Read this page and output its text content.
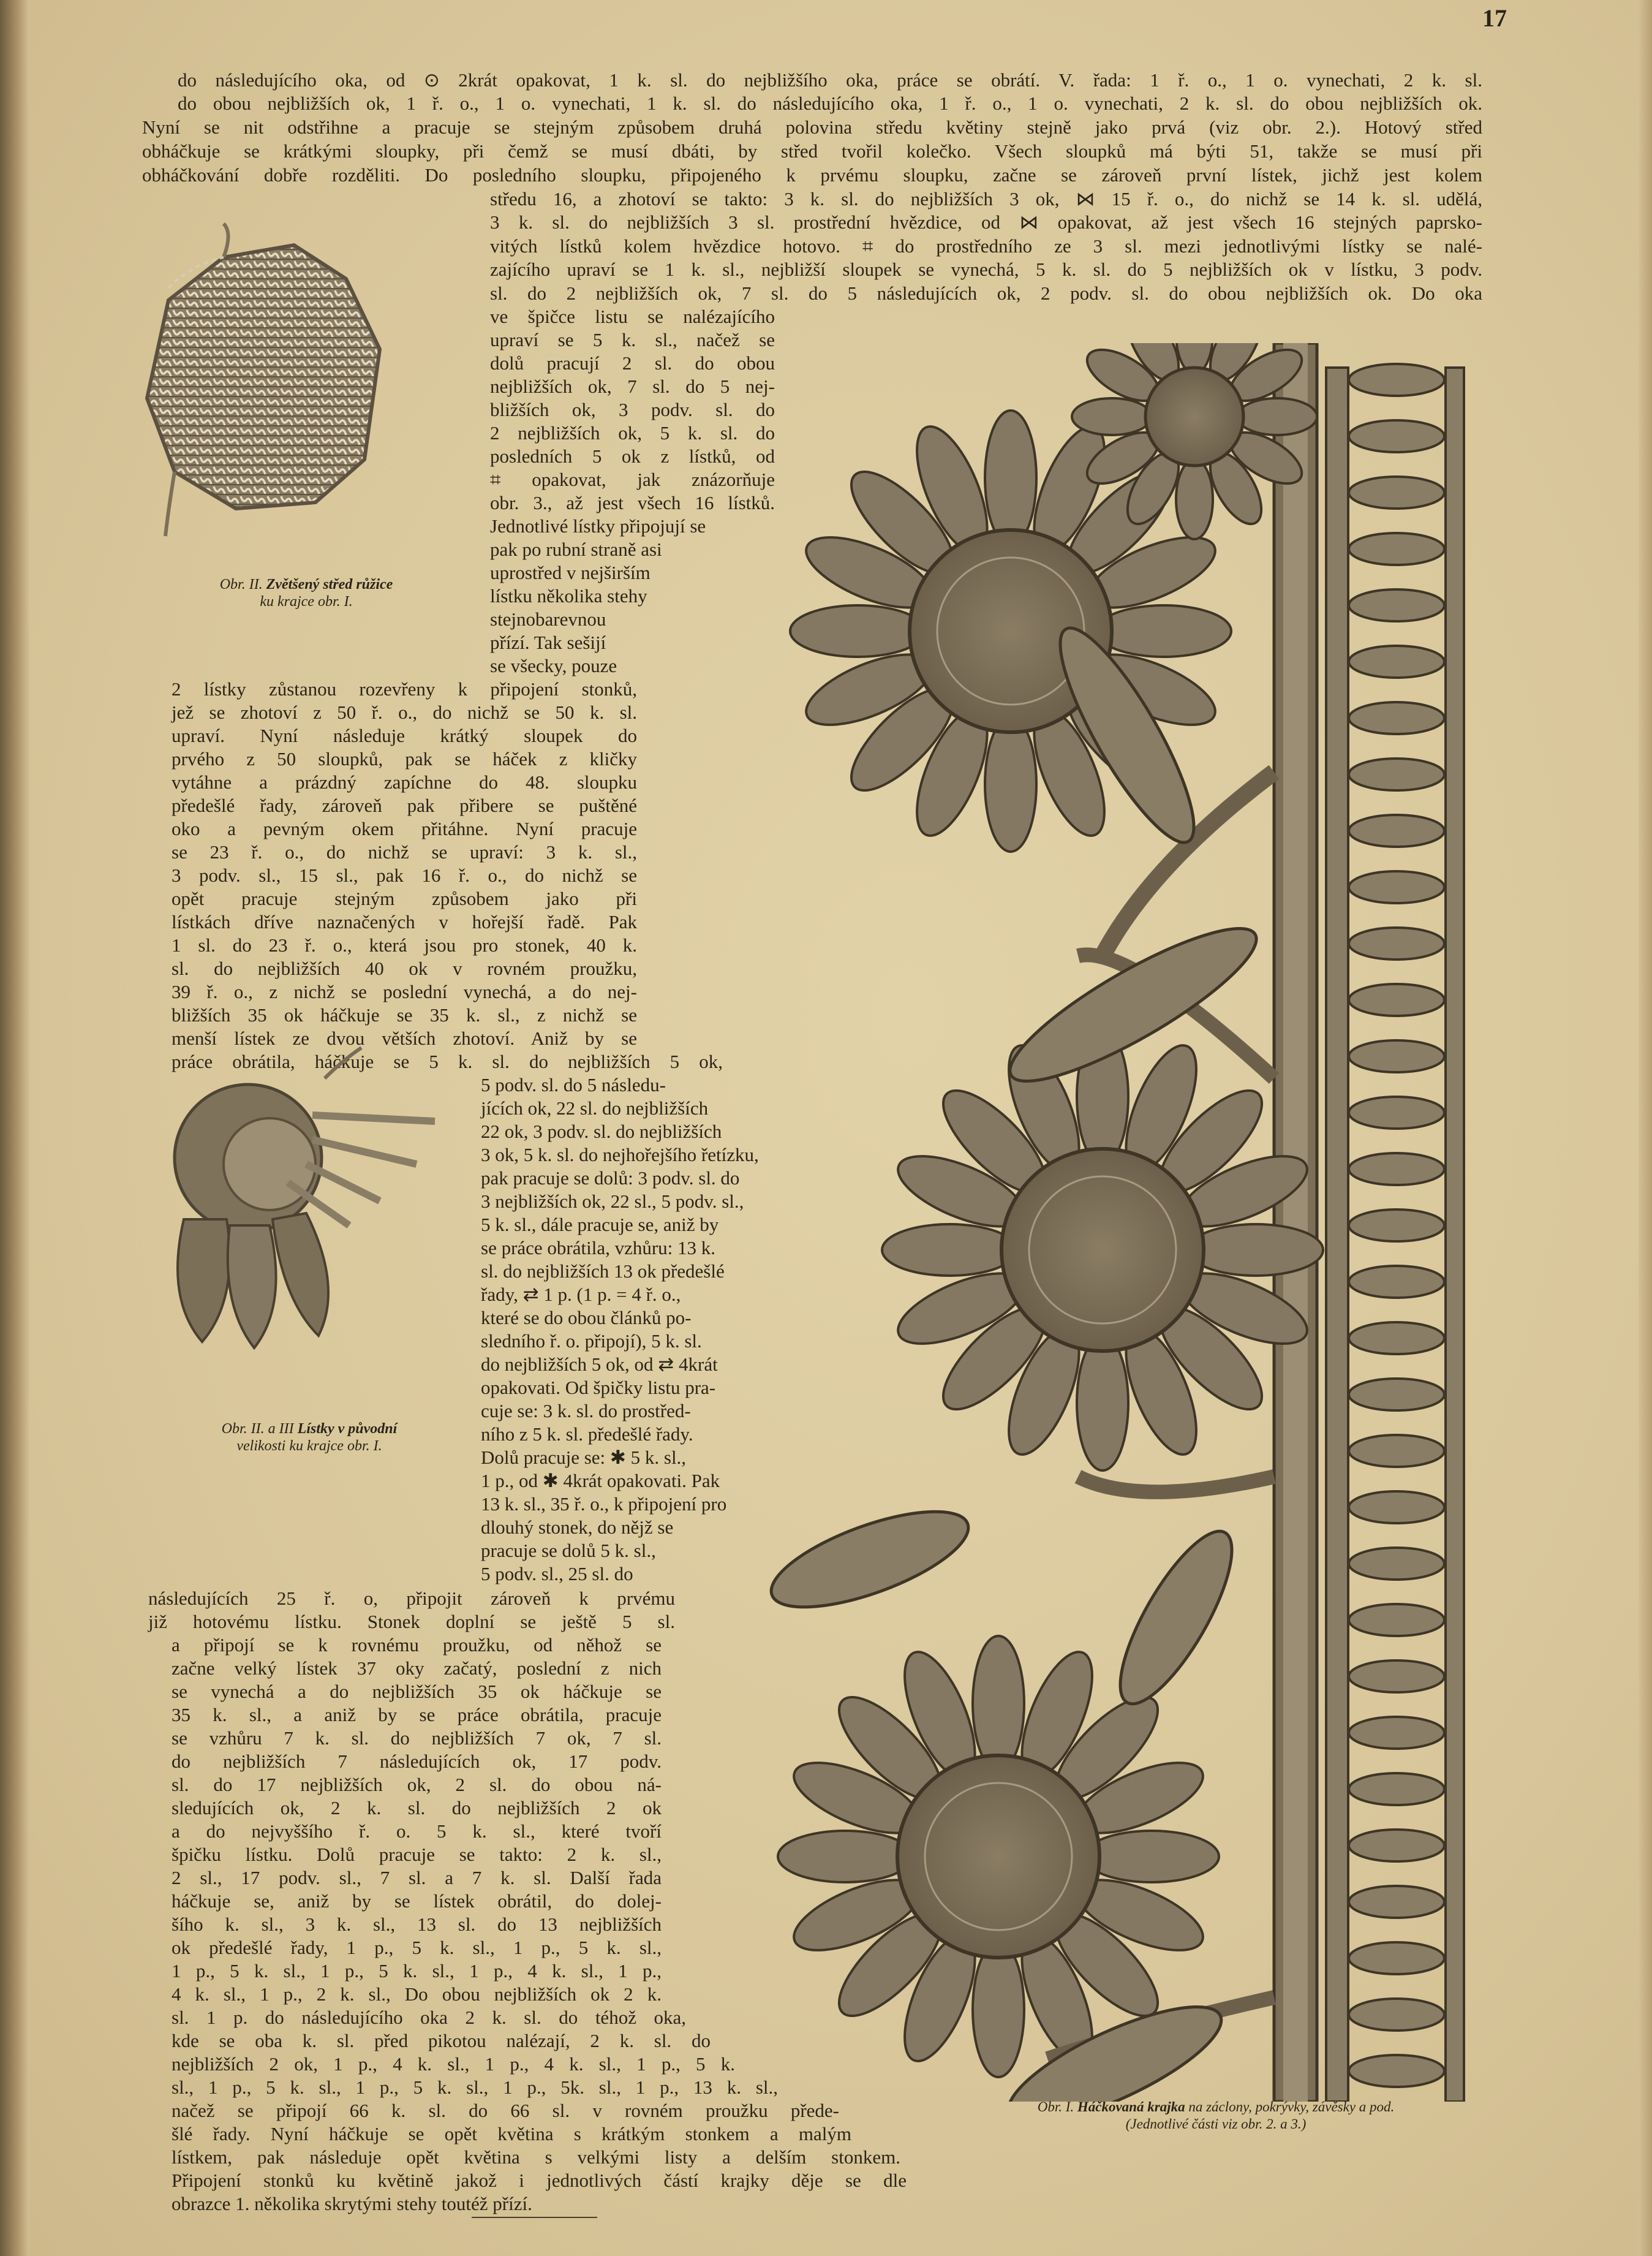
17

do následujícího oka, od ⊙ 2krát opakovat, 1 k. sl. do nejbližšího oka, práce se obrátí. V. řada: 1 ř. o., 1 o. vynechati, 2 k. sl.

do obou nejbližších ok, 1 ř. o., 1 o. vynechati, 1 k. sl. do následujícího oka, 1 ř. o., 1 o. vynechati, 2 k. sl. do obou nejbližších ok.

Nyní se nit odstřihne a pracuje se stejným způsobem druhá polovina středu květiny stejně jako prvá (viz obr. 2.). Hotový střed

obháčkuje se krátkými sloupky, při čemž se musí dbáti, by střed tvořil kolečko. Všech sloupků má býti 51, takže se musí při

obháčkování dobře rozděliti. Do posledního sloupku, připojeného k prvému sloupku, začne se zároveň první lístek, jichž jest kolem

středu 16, a zhotoví se takto: 3 k. sl. do nejbližších 3 ok, ⋈ 15 ř. o., do nichž se 14 k. sl. udělá,

3 k. sl. do nejbližších 3 sl. prostřední hvězdice, od ⋈ opakovat, až jest všech 16 stejných paprsko-

vitých lístků kolem hvězdice hotovo. ⌗ do prostředního ze 3 sl. mezi jednotlivými lístky se nalé-

zajícího upraví se 1 k. sl., nejbližší sloupek se vynechá, 5 k. sl. do 5 nejbližších ok v lístku, 3 podv.

sl. do 2 nejbližších ok, 7 sl. do 5 následujících ok, 2 podv. sl. do obou nejbližších ok. Do oka

ve špičce listu se nalézajícího

upraví se 5 k. sl., načež se

dolů pracují 2 sl. do obou

nejbližších ok, 7 sl. do 5 nej-

bližších ok, 3 podv. sl. do

2 nejbližších ok, 5 k. sl. do

posledních 5 ok z lístků, od

⌗ opakovat, jak znázorňuje

obr. 3., až jest všech 16 lístků.

Jednotlivé lístky připojují se

pak po rubní straně asi

uprostřed v nejširším

lístku několika stehy

stejnobarevnou

přízí. Tak sešijí

se všecky, pouze

2 lístky zůstanou rozevřeny k připojení stonků,

jež se zhotoví z 50 ř. o., do nichž se 50 k. sl.

upraví. Nyní následuje krátký sloupek do

prvého z 50 sloupků, pak se háček z kličky

vytáhne a prázdný zapíchne do 48. sloupku

předešlé řady, zároveň pak přibere se puštěné

oko a pevným okem přitáhne. Nyní pracuje

se 23 ř. o., do nichž se upraví: 3 k. sl.,

3 podv. sl., 15 sl., pak 16 ř. o., do nichž se

opět pracuje stejným způsobem jako při

lístkách dříve naznačených v hořejší řadě. Pak

1 sl. do 23 ř. o., která jsou pro stonek, 40 k.

sl. do nejbližších 40 ok v rovném proužku,

39 ř. o., z nichž se poslední vynechá, a do nej-

bližších 35 ok háčkuje se 35 k. sl., z nichž se

menší lístek ze dvou větších zhotoví. Aniž by se

práce obrátila, háčkuje se 5 k. sl. do nejbližších 5 ok,

5 podv. sl. do 5 následu-

jících ok, 22 sl. do nejbližších

22 ok, 3 podv. sl. do nejbližších

3 ok, 5 k. sl. do nejhořejšího řetízku,

pak pracuje se dolů: 3 podv. sl. do

3 nejbližších ok, 22 sl., 5 podv. sl.,

5 k. sl., dále pracuje se, aniž by

se práce obrátila, vzhůru: 13 k.

sl. do nejbližších 13 ok předešlé

řady, ⇄ 1 p. (1 p. = 4 ř. o.,

které se do obou článků po-

sledního ř. o. připojí), 5 k. sl.

do nejbližších 5 ok, od ⇄ 4krát

opakovati. Od špičky listu pra-

cuje se: 3 k. sl. do prostřed-

ního z 5 k. sl. předešlé řady.

Dolů pracuje se: ✱ 5 k. sl.,

1 p., od ✱ 4krát opakovati. Pak

13 k. sl., 35 ř. o., k připojení pro

dlouhý stonek, do nějž se

pracuje se dolů 5 k. sl.,

5 podv. sl., 25 sl. do

následujících 25 ř. o, připojit zároveň k prvému

již hotovému lístku. Stonek doplní se ještě 5 sl.

a připojí se k rovnému proužku, od něhož se

začne velký lístek 37 oky začatý, poslední z nich

se vynechá a do nejbližších 35 ok háčkuje se

35 k. sl., a aniž by se práce obrátila, pracuje

se vzhůru 7 k. sl. do nejbližších 7 ok, 7 sl.

do nejbližších 7 následujících ok, 17 podv.

sl. do 17 nejbližších ok, 2 sl. do obou ná-

sledujících ok, 2 k. sl. do nejbližších 2 ok

a do nejvyššího ř. o. 5 k. sl., které tvoří

špičku lístku. Dolů pracuje se takto: 2 k. sl.,

2 sl., 17 podv. sl., 7 sl. a 7 k. sl. Další řada

háčkuje se, aniž by se lístek obrátil, do dolej-

šího k. sl., 3 k. sl., 13 sl. do 13 nejbližších

ok předešlé řady, 1 p., 5 k. sl., 1 p., 5 k. sl.,

1 p., 5 k. sl., 1 p., 5 k. sl., 1 p., 4 k. sl., 1 p.,

4 k. sl., 1 p., 2 k. sl., Do obou nejbližších ok 2 k.

sl. 1 p. do následujícího oka 2 k. sl. do téhož oka,

kde se oba k. sl. před pikotou nalézají, 2 k. sl. do

nejbližších 2 ok, 1 p., 4 k. sl., 1 p., 4 k. sl., 1 p., 5 k.

sl., 1 p., 5 k. sl., 1 p., 5 k. sl., 1 p., 5k. sl., 1 p., 13 k. sl.,

načež se připojí 66 k. sl. do 66 sl. v rovném proužku přede-

šlé řady. Nyní háčkuje se opět květina s krátkým stonkem a malým

lístkem, pak následuje opět květina s velkými listy a delším stonkem.

Připojení stonků ku květině jakož i jednotlivých částí krajky děje se dle

obrazce 1. několika skrytými stehy toutéž přízí.

Obr. II. Zvětšený střed růžice
ku krajce obr. I.
Obr. II. a III Lístky v původní
velikosti ku krajce obr. I.
Obr. I. Háčkovaná krajka na záclony, pokrývky, závěsky a pod.
(Jednotlivé části viz obr. 2. a 3.)
